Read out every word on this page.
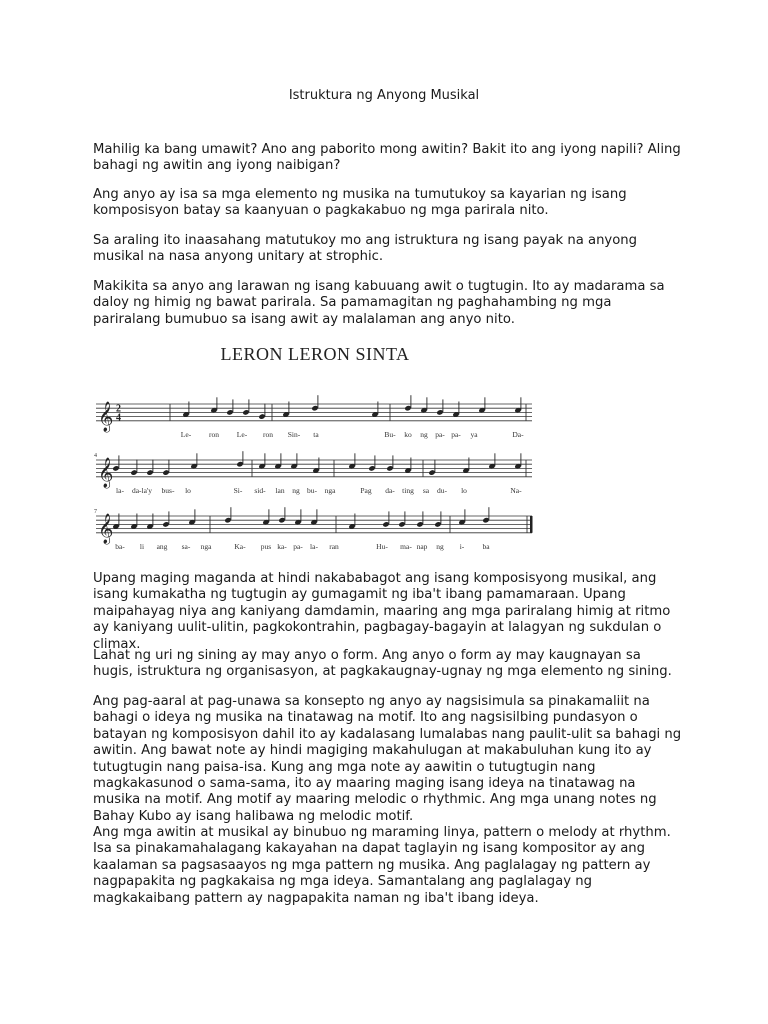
Istruktura ng Anyong Musikal

Mahilig ka bang umawit? Ano ang paborito mong awitin? Bakit ito ang iyong napili? Aling bahagi ng awitin ang iyong naibigan?

Ang anyo ay isa sa mga elemento ng musika na tumutukoy sa kayarian ng isang komposisyon batay sa kaanyuan o pagkakabuo ng mga parirala nito.

Sa araling ito inaasahang matutukoy mo ang istruktura ng isang payak na anyong musikal na nasa anyong unitary at strophic.

Makikita sa anyo ang larawan ng isang kabuuang awit o tugtugin. Ito ay madarama sa daloy ng himig ng bawat parirala. Sa pamamagitan ng paghahambing ng mga pariralang bumubuo sa isang awit ay malalaman ang anyo nito.

LERON LERON SINTA
𝄞 2
4
Le- ron Le- ron Sin- ta	Bu- ko ng pa- pa- ya	Da-
𝄞
4
la- da-la'y bus- lo	Si- sid- lan ng bu- nga	Pag da- ting sa du- lo	Na-
𝄞
7
ba- li ang sa- nga	Ka- pus ka- pa- la- ran	Hu- ma- nap ng i- ba

Upang maging maganda at hindi nakababagot ang isang komposisyong musikal, ang isang kumakatha ng tugtugin ay gumagamit ng iba't ibang pamamaraan. Upang maipahayag niya ang kaniyang damdamin, maaring ang mga pariralang himig at ritmo ay kaniyang uulit-ulitin, pagkokontrahin, pagbagay-bagayin at lalagyan ng sukdulan o climax.

Lahat ng uri ng sining ay may anyo o form. Ang anyo o form ay may kaugnayan sa hugis, istruktura ng organisasyon, at pagkakaugnay-ugnay ng mga elemento ng sining.

Ang pag-aaral at pag-unawa sa konsepto ng anyo ay nagsisimula sa pinakamaliit na bahagi o ideya ng musika na tinatawag na motif. Ito ang nagsisilbing pundasyon o batayan ng komposisyon dahil ito ay kadalasang lumalabas nang paulit-ulit sa bahagi ng awitin. Ang bawat note ay hindi magiging makahulugan at makabuluhan kung ito ay tutugtugin nang paisa-isa. Kung ang mga note ay aawitin o tutugtugin nang magkakasunod o sama-sama, ito ay maaring maging isang ideya na tinatawag na musika na motif. Ang motif ay maaring melodic o rhythmic. Ang mga unang notes ng Bahay Kubo ay isang halibawa ng melodic motif.

Ang mga awitin at musikal ay binubuo ng maraming linya, pattern o melody at rhythm. Isa sa pinakamahalagang kakayahan na dapat taglayin ng isang kompositor ay ang kaalaman sa pagsasaayos ng mga pattern ng musika. Ang paglalagay ng pattern ay nagpapakita ng pagkakaisa ng mga ideya. Samantalang ang paglalagay ng magkakaibang pattern ay nagpapakita naman ng iba't ibang ideya.
